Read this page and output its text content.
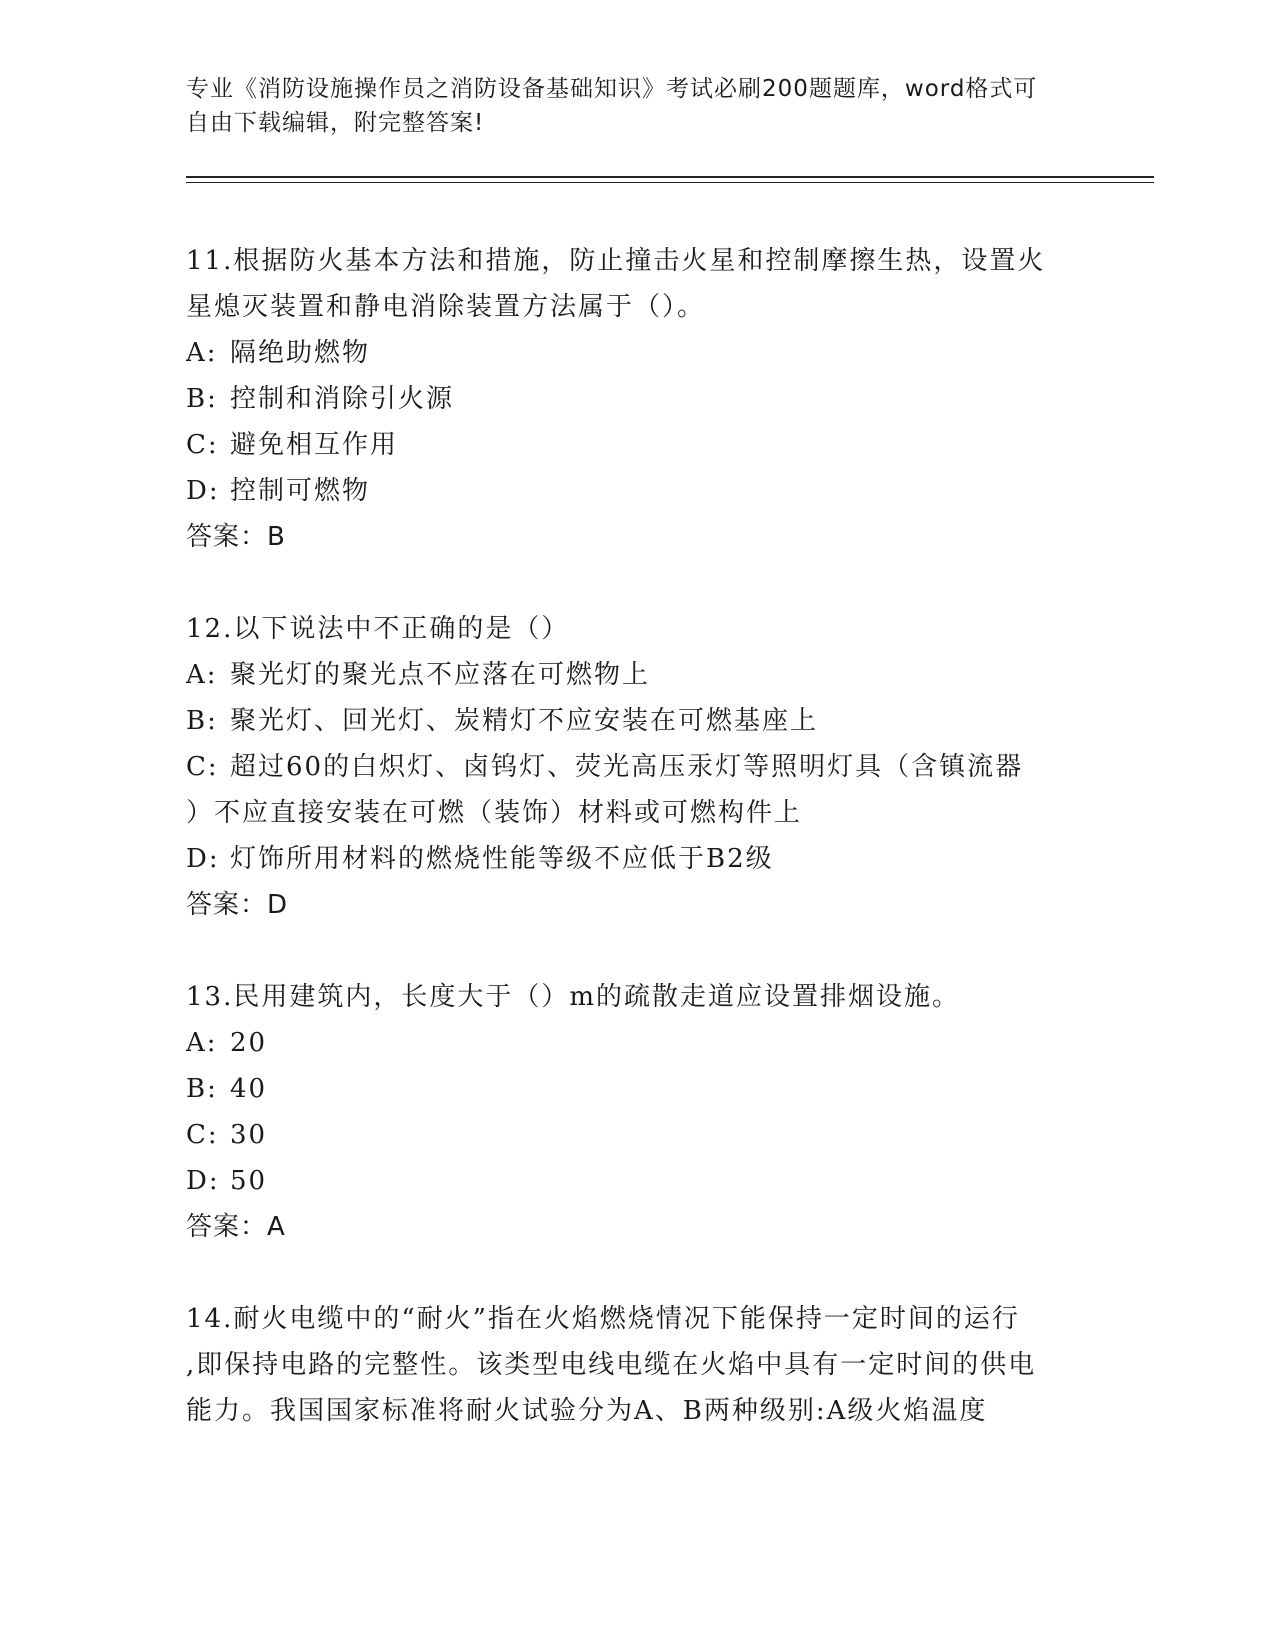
专业《消防设施操作员之消防设备基础知识》考试必刷200题题库，word格式可
自由下载编辑，附完整答案!

11.根据防火基本方法和措施，防止撞击火星和控制摩擦生热，设置火

星熄灭装置和静电消除装置方法属于（）。

A: 隔绝助燃物

B: 控制和消除引火源

C: 避免相互作用

D: 控制可燃物

答案：B

12.以下说法中不正确的是（）

A: 聚光灯的聚光点不应落在可燃物上

B: 聚光灯、回光灯、炭精灯不应安装在可燃基座上

C: 超过60的白炽灯、卤钨灯、荧光高压汞灯等照明灯具（含镇流器

）不应直接安装在可燃（装饰）材料或可燃构件上

D: 灯饰所用材料的燃烧性能等级不应低于B2级

答案：D

13.民用建筑内，长度大于（）m的疏散走道应设置排烟设施。

A: 20

B: 40

C: 30

D: 50

答案：A

14.耐火电缆中的“耐火”指在火焰燃烧情况下能保持一定时间的运行

,即保持电路的完整性。该类型电线电缆在火焰中具有一定时间的供电

能力。我国国家标准将耐火试验分为A、B两种级别:A级火焰温度
